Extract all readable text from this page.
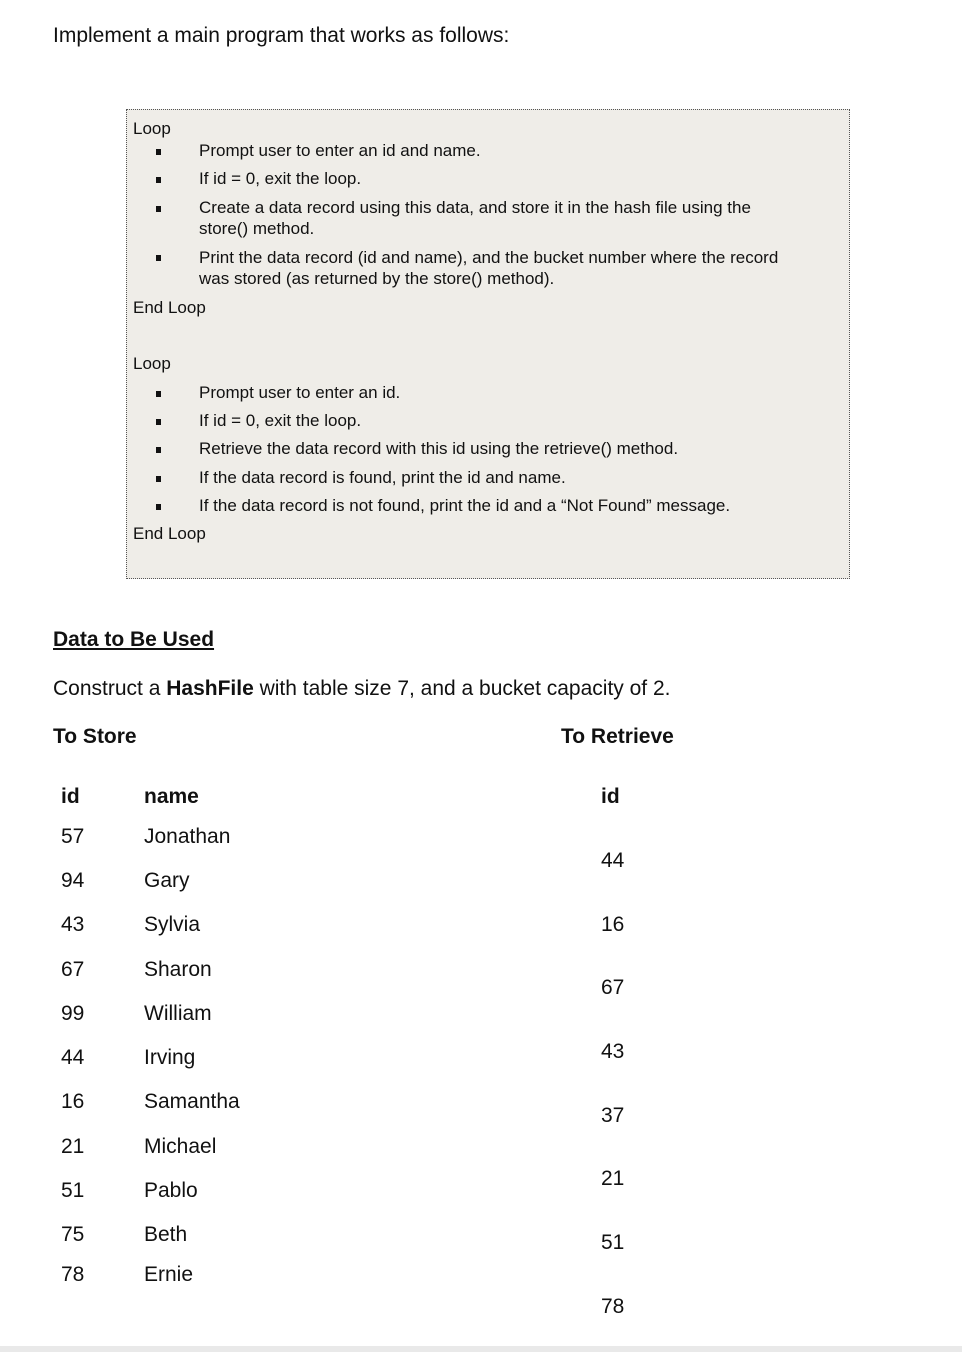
Implement a main program that works as follows:
Loop
Prompt user to enter an id and name.
If id = 0, exit the loop.
Create a data record using this data, and store it in the hash file using the
store() method.
Print the data record (id and name), and the bucket number where the record
was stored (as returned by the store() method).
End Loop
Loop
Prompt user to enter an id.
If id = 0, exit the loop.
Retrieve the data record with this id using the retrieve() method.
If the data record is found, print the id and name.
If the data record is not found, print the id and a “Not Found” message.
End Loop
Data to Be Used
Construct a HashFile with table size 7, and a bucket capacity of 2.
To Store	To Retrieve
id	name
57	Jonathan
94	Gary
43	Sylvia
67	Sharon
99	William
44	Irving
16	Samantha
21	Michael
51	Pablo
75	Beth
78	Ernie
id
44
16
67
43
37
21
51
78
